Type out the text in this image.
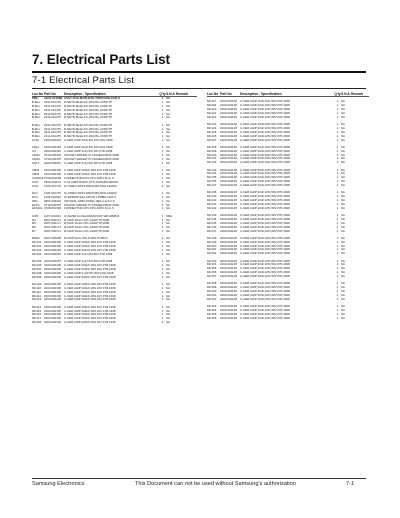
7. Electrical Parts List
7-1 Electrical Parts List
Loc.No Part No	Description ; Specification	Q'ty S.N.A Remark
PMH	AH94-01058B ASSY PCB-MAIN;DVD-V8500,SDK,EXD,S	1 SA
B-Mer	2311-001475	R-NETD;Metal,2%,1W,NSL,2X4W,TP	1 SA
B-Mer	2311-001475	R-NETD;Metal,2%,1W,NSL,2X4W,TP	1 SA
B-Mer	2311-001475	R-NETD;Metal,2%,1W,NSL,2X4W,TP	1 SA
B-Mer	2311-001475	R-NETD;Metal,2%,1W,NSL,2X4W,TP	1 SA
B-Mer	2311-001475	R-NETD;Metal,2%,1W,NSL,2X4W,TP	1 SA
B-Mer	2311-001475	R-NETD;Metal,2%,1W,NSL,2X4W,TP	1 SA
B-Mer	2311-001475	R-NETD;Metal,2%,1W,NSL,2X4W,TP	1 SA
B-Mer	2311-001475	R-NETD;Metal,2%,1W,NSL,2X4W,TP	1 SA
B-Mer	2311-001475	R-NETD;Metal,2%,1W,NSL,2X4W,TP	1 SA
C216	2203-000415	C-CER,CHIP;10nF,5%,16V,C0G,1608	1 SA
CE1F	2203-000415	C-CER,CHIP;10nF,5%,16V,C0G,1608	1 SA
C3	2203-000415	C-CER,CHIP;1nF,10%,50V,X7R,1608	1 SA
CDN2	3719-000375	SOCKET-WAFER;7C,NOHEAD,BOX,SMD	1 SA
CDN3	3719-000375	SOCKET-WAFER;7C,NOHEAD,BOX,SMD	1 SA
CDL1	2203-000257	C-CER,CHIP;1nF,10%,50V,X7R,1608	1 SA
CB03	2203-000145	C-CER,CHIP;100nF,10%,16V,X7R,1608	1 SA
CB03	2203-000145	C-CER,CHIP;100nF,10%,16V,X7R,1608	1 SA
CGD01B 3708-001093	CONNECTOR-FPC;FPC,40P,0.5mm,S	1 SA
CCI1	0404-001113	C-AL;CEDI;RADIO;STS;10NH;BS;CE0/0A	1 SA
CCI1	1105-001715	IC-VIDEO PASS;MSOS;BS;NSH;CE0/0A	1 SA
DC1	1105-001715	IC-VIDEO PASS;MSOS;BS;NSH;CE0/0A	1 SA
DC3	1105-001030	IC-EPROM;SSA,16KX8,1.2MBits,NAS,S	1 SA
DR1	2801-004321	CRYSTAL-SMD;27MHz,18pF,1.4x3.2,S	1 SA
EFTG	3719-000375	SOCKET-WAFER;7C,NOHEAD,BOX,SMD	1 SA
H0GDG 3708-001093	CONNECTOR-FPC;FPC,40P,0.5mm,S	1 SA
IC05	1107-001021	IC-NAND FLASH;DRAM;SOP;128,32MB,R	1 SMA
R4	2007-000171	R-CHIP;10ohm,5%,1/16W,TP,1608	1 SA
R5	2007-000171	R-CHIP;10ohm,5%,1/16W,TP,1608	1 SA
R6	2007-000171	R-CHIP;10ohm,5%,1/16W,TP,1608	1 SA
R7	2007-000171	R-CHIP;10ohm,5%,1/16W,TP,1608	1 SA
MH02	2007-000200	R-CHIP;0ohm,5%,1/16W,TP,0510	1 SA
MC101 2203-000145	C-CER,CHIP;100nF,10%,16V,X7R,1608	1 SA
MC102 2203-000145	C-CER,CHIP;100nF,10%,16V,X7R,1608	1 SA
MC103 2203-000145	C-CER,CHIP;100nF,10%,16V,X7R,1608	1 SA
MC104 2203-000257	C-CER,CHIP;1nF,10%,50V,X7R,1608	1 SA
MC105 2203-000257	C-CER,CHIP;1nF,10%,50V,X7R,1608	1 SA
MC106 2203-000145	C-CER,CHIP;100nF,10%,16V,X7R,1608	1 SA
MC107 2203-000145	C-CER,CHIP;100nF,10%,16V,X7R,1608	1 SA
MC108 2203-000425	C-CER,CHIP;2.2nF,5%,50V,C0G,1608	1 SA
MC109 2203-000145	C-CER,CHIP;100nF,10%,16V,X7R,1608	1 SA
MC109 2203-000145	C-CER,CHIP;100nF,10%,16V,X7R,1608	1 SA
MC110 2203-000145	C-CER,CHIP;100nF,10%,16V,X7R,1608	1 SA
MC111	2203-000145	C-CER,CHIP;100nF,10%,16V,X7R,1608	1 SA
MC112 2203-000145	C-CER,CHIP;100nF,10%,16V,X7R,1608	1 SA
MC113 2203-000145	C-CER,CHIP;100nF,10%,16V,X7R,1608	1 SA
MC114 2203-000145	C-CER,CHIP;100nF,10%,16V,X7R,1608	1 SA
MC115 2203-000145	C-CER,CHIP;100nF,10%,16V,X7R,1608	1 SA
MC116 2203-000145	C-CER,CHIP;100nF,10%,16V,X7R,1608	1 SA
MC117 2203-000145	C-CER,CHIP;100nF,10%,16V,X7R,1608	1 SA
MC118 2203-000145	C-CER,CHIP;100nF,10%,16V,X7R,1608	1 SA
Loc.No Part No	Description ; Specification	Q'ty S.N.A Remark
MC117	2203-001148	C-CER,CHIP;10nF,10%,50V,X7R,1608	1 SA
MC118	2203-001148	C-CER,CHIP;10nF,10%,50V,X7R,1608	1 SA
MC120	2203-001148	C-CER,CHIP;10nF,10%,50V,X7R,1608	1 SA
MC121	2203-001148	C-CER,CHIP;10nF,10%,50V,X7R,1608	1 SA
MC122	2203-001148	C-CER,CHIP;10nF,10%,50V,X7R,1608	1 SA
MC123	2203-001148	C-CER,CHIP;10nF,10%,50V,X7R,1608	1 SA
MC124	2203-001148	C-CER,CHIP;10nF,10%,50V,X7R,1608	1 SA
MC125	2203-001148	C-CER,CHIP;10nF,10%,50V,X7R,1608	1 SA
MC126	2203-001148	C-CER,CHIP;10nF,10%,50V,X7R,1608	1 SA
MC127	2203-001148	C-CER,CHIP;10nF,10%,50V,X7R,1608	1 SA
MC128	2203-001148	C-CER,CHIP;10nF,10%,50V,X7R,1608	1 SA
MC129	2203-001148	C-CER,CHIP;10nF,10%,50V,X7R,1608	1 SA
MC130	2203-001148	C-CER,CHIP;10nF,10%,50V,X7R,1608	1 SA
MC131	2203-001148	C-CER,CHIP;10nF,10%,50V,X7R,1608	1 SA
MC132	2203-001148	C-CER,CHIP;10nF,10%,50V,X7R,1608	1 SA
MC133	2203-001148	C-CER,CHIP;10nF,10%,50V,X7R,1608	1 SA
MC134	2203-001148	C-CER,CHIP;10nF,10%,50V,X7R,1608	1 SA
MC135	2203-001148	C-CER,CHIP;10nF,10%,50V,X7R,1608	1 SA
MC136	2203-001148	C-CER,CHIP;10nF,10%,50V,X7R,1608	1 SA
MC137	2203-001148	C-CER,CHIP;10nF,10%,50V,X7R,1608	1 SA
MC138	2203-001148	C-CER,CHIP;10nF,10%,50V,X7R,1608	1 SA
MC139	2203-001148	C-CER,CHIP;10nF,10%,50V,X7R,1608	1 SA
MC140	2203-001148	C-CER,CHIP;10nF,10%,50V,X7R,1608	1 SA
MC141	2203-001148	C-CER,CHIP;10nF,10%,50V,X7R,1608	1 SA
MC142	2203-001148	C-CER,CHIP;10nF,10%,50V,X7R,1608	1 SA
MC143	2203-001148	C-CER,CHIP;10nF,10%,50V,X7R,1608	1 SA
MC144	2203-001148	C-CER,CHIP;10nF,10%,50V,X7R,1608	1 SA
MC145	2203-001148	C-CER,CHIP;10nF,10%,50V,X7R,1608	1 SA
MC146	2203-001148	C-CER,CHIP;10nF,10%,50V,X7R,1608	1 SA
MC147	2203-001148	C-CER,CHIP;10nF,10%,50V,X7R,1608	1 SA
MC148	2203-001148	C-CER,CHIP;10nF,10%,50V,X7R,1608	1 SA
MC149	2203-001148	C-CER,CHIP;10nF,10%,50V,X7R,1608	1 SA
MC150	2203-001148	C-CER,CHIP;10nF,10%,50V,X7R,1608	1 SA
MC151	2203-001148	C-CER,CHIP;10nF,10%,50V,X7R,1608	1 SA
MC152	2203-001148	C-CER,CHIP;10nF,10%,50V,X7R,1608	1 SA
MC153	2203-001148	C-CER,CHIP;10nF,10%,50V,X7R,1608	1 SA
MC154	2203-001148	C-CER,CHIP;10nF,10%,50V,X7R,1608	1 SA
MC155	2203-001148	C-CER,CHIP;10nF,10%,50V,X7R,1608	1 SA
MC156	2203-001148	C-CER,CHIP;10nF,10%,50V,X7R,1608	1 SA
MC157	2203-001148	C-CER,CHIP;10nF,10%,50V,X7R,1608	1 SA
MC158	2203-001148	C-CER,CHIP;10nF,10%,50V,X7R,1608	1 SA
MC159	2203-001148	C-CER,CHIP;10nF,10%,50V,X7R,1608	1 SA
MC160	2203-001148	C-CER,CHIP;10nF,10%,50V,X7R,1608	1 SA
MC161	2203-001148	C-CER,CHIP;10nF,10%,50V,X7R,1608	1 SA
MC162	2203-001148	C-CER,CHIP;10nF,10%,50V,X7R,1608	1 SA
MC163	2203-001148	C-CER,CHIP;10nF,10%,50V,X7R,1608	1 SA
MC164	2203-001148	C-CER,CHIP;10nF,10%,50V,X7R,1608	1 SA
MC165	2203-001148	C-CER,CHIP;10nF,10%,50V,X7R,1608	1 SA
MC166	2203-001148	C-CER,CHIP;10nF,10%,50V,X7R,1608	1 SA
Samsung Electronics	This Document can not be used without Samsung's authorization	7-1
